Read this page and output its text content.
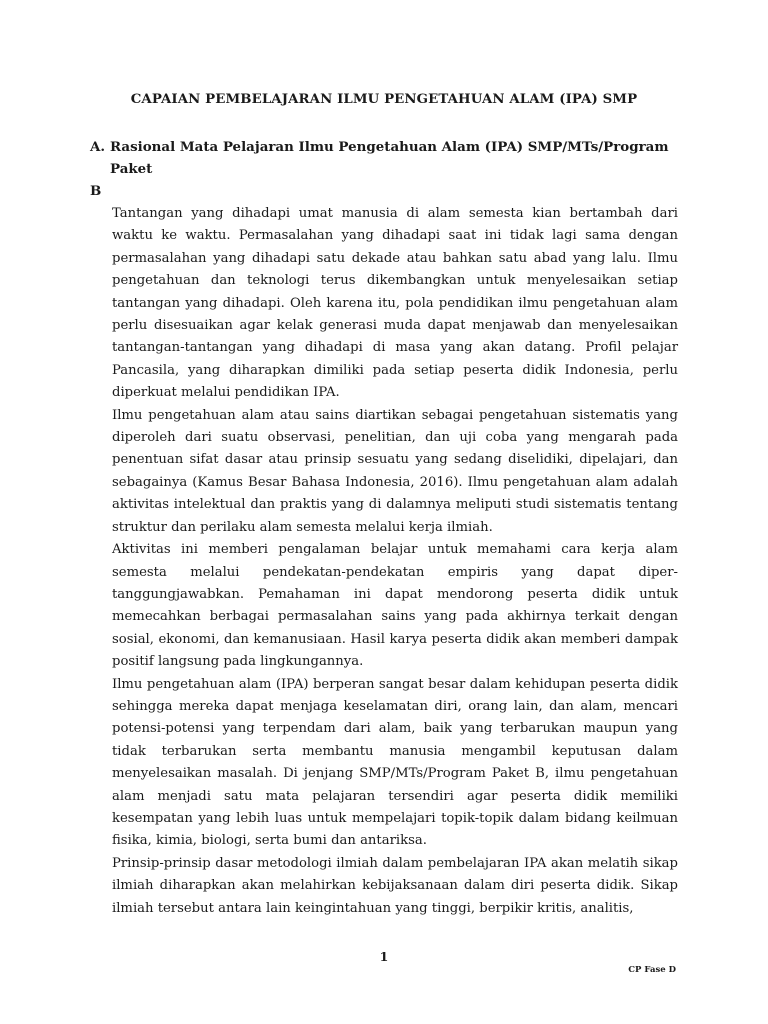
CAPAIAN PEMBELAJARAN ILMU PENGETAHUAN ALAM (IPA) SMP
A. Rasional Mata Pelajaran Ilmu Pengetahuan Alam (IPA) SMP/MTs/Program Paket
B

Tantangan yang dihadapi umat manusia di alam semesta kian bertambah dari waktu ke waktu. Permasalahan yang dihadapi saat ini tidak lagi sama dengan permasalahan yang dihadapi satu dekade atau bahkan satu abad yang lalu. Ilmu pengetahuan dan teknologi terus dikembangkan untuk menyelesaikan setiap tantangan yang dihadapi. Oleh karena itu, pola pendidikan ilmu pengetahuan alam perlu disesuaikan agar kelak generasi muda dapat menjawab dan menyelesaikan tantangan-tantangan yang dihadapi di masa yang akan datang. Profil pelajar Pancasila, yang diharapkan dimiliki pada setiap peserta didik Indonesia, perlu diperkuat melalui pendidikan IPA.

Ilmu pengetahuan alam atau sains diartikan sebagai pengetahuan sistematis yang diperoleh dari suatu observasi, penelitian, dan uji coba yang mengarah pada penentuan sifat dasar atau prinsip sesuatu yang sedang diselidiki, dipelajari, dan sebagainya (Kamus Besar Bahasa Indonesia, 2016). Ilmu pengetahuan alam adalah aktivitas intelektual dan praktis yang di dalamnya meliputi studi sistematis tentang struktur dan perilaku alam semesta melalui kerja ilmiah.

Aktivitas ini memberi pengalaman belajar untuk memahami cara kerja alam semesta melalui pendekatan-pendekatan empiris yang dapat diper- tanggungjawabkan. Pemahaman ini dapat mendorong peserta didik untuk memecahkan berbagai permasalahan sains yang pada akhirnya terkait dengan sosial, ekonomi, dan kemanusiaan. Hasil karya peserta didik akan memberi dampak positif langsung pada lingkungannya.

Ilmu pengetahuan alam (IPA) berperan sangat besar dalam kehidupan peserta didik sehingga mereka dapat menjaga keselamatan diri, orang lain, dan alam, mencari potensi-potensi yang terpendam dari alam, baik yang terbarukan maupun yang tidak terbarukan serta membantu manusia mengambil keputusan dalam menyelesaikan masalah. Di jenjang SMP/MTs/Program Paket B, ilmu pengetahuan alam menjadi satu mata pelajaran tersendiri agar peserta didik memiliki kesempatan yang lebih luas untuk mempelajari topik-topik dalam bidang keilmuan fisika, kimia, biologi, serta bumi dan antariksa.

Prinsip-prinsip dasar metodologi ilmiah dalam pembelajaran IPA akan melatih sikap ilmiah diharapkan akan melahirkan kebijaksanaan dalam diri peserta didik. Sikap ilmiah tersebut antara lain keingintahuan yang tinggi, berpikir kritis, analitis,

1
CP Fase D
